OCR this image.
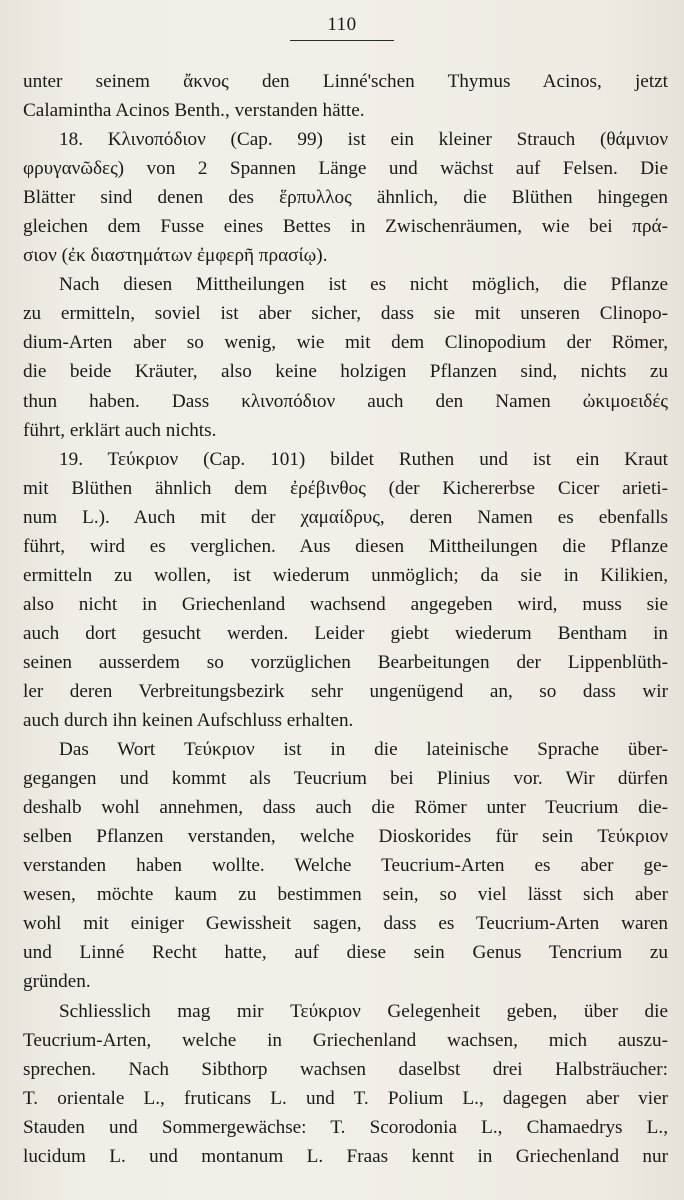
110
unter seinem ἄκνος den Linné'schen Thymus Acinos, jetzt
Calamintha Acinos Benth., verstanden hätte.
18. Κλινοπόδιον (Cap. 99) ist ein kleiner Strauch (θάμνιον
φρυγανῶδες) von 2 Spannen Länge und wächst auf Felsen. Die
Blätter sind denen des ἕρπυλλος ähnlich, die Blüthen hingegen
gleichen dem Fusse eines Bettes in Zwischenräumen, wie bei πρά-
σιον (ἐκ διαστημάτων ἐμφερῆ πρασίῳ).
Nach diesen Mittheilungen ist es nicht möglich, die Pflanze
zu ermitteln, soviel ist aber sicher, dass sie mit unseren Clinopo-
dium-Arten aber so wenig, wie mit dem Clinopodium der Römer,
die beide Kräuter, also keine holzigen Pflanzen sind, nichts zu
thun haben. Dass κλινοπόδιον auch den Namen ὠκιμοειδές
führt, erklärt auch nichts.
19. Τεύκριον (Cap. 101) bildet Ruthen und ist ein Kraut
mit Blüthen ähnlich dem ἐρέβινθος (der Kichererbse Cicer arieti-
num L.). Auch mit der χαμαίδρυς, deren Namen es ebenfalls
führt, wird es verglichen. Aus diesen Mittheilungen die Pflanze
ermitteln zu wollen, ist wiederum unmöglich; da sie in Kilikien,
also nicht in Griechenland wachsend angegeben wird, muss sie
auch dort gesucht werden. Leider giebt wiederum Bentham in
seinen ausserdem so vorzüglichen Bearbeitungen der Lippenblüth-
ler deren Verbreitungsbezirk sehr ungenügend an, so dass wir
auch durch ihn keinen Aufschluss erhalten.
Das Wort Τεύκριον ist in die lateinische Sprache über-
gegangen und kommt als Teucrium bei Plinius vor. Wir dürfen
deshalb wohl annehmen, dass auch die Römer unter Teucrium die-
selben Pflanzen verstanden, welche Dioskorides für sein Τεύκριον
verstanden haben wollte. Welche Teucrium-Arten es aber ge-
wesen, möchte kaum zu bestimmen sein, so viel lässt sich aber
wohl mit einiger Gewissheit sagen, dass es Teucrium-Arten waren
und Linné Recht hatte, auf diese sein Genus Tencrium zu
gründen.
Schliesslich mag mir Τεύκριον Gelegenheit geben, über die
Teucrium-Arten, welche in Griechenland wachsen, mich auszu-
sprechen. Nach Sibthorp wachsen daselbst drei Halbsträucher:
T. orientale L., fruticans L. und T. Polium L., dagegen aber vier
Stauden und Sommergewächse: T. Scorodonia L., Chamaedrys L.,
lucidum L. und montanum L. Fraas kennt in Griechenland nur
